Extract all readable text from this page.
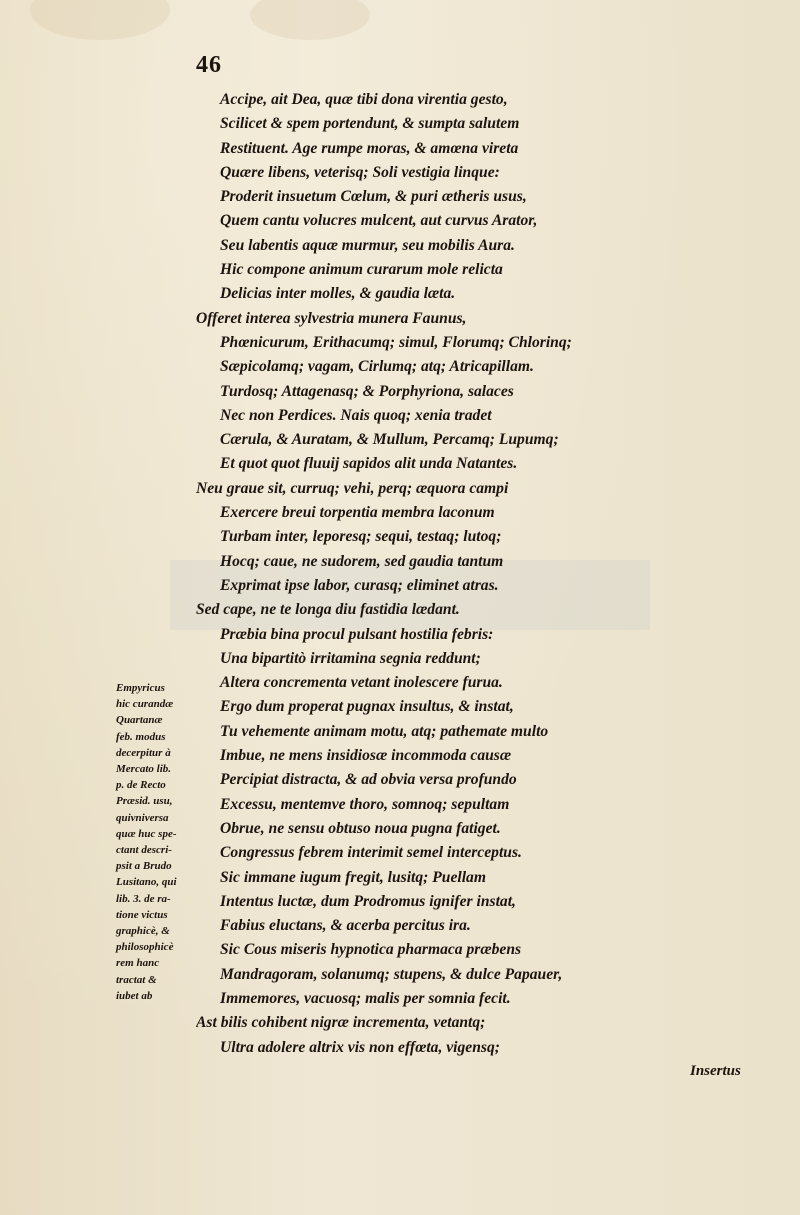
46
Accipe, ait Dea, quæ tibi dona virentia gesto,
Scilicet & spem portendunt, & sumpta salutem
Restituent. Age rumpe moras, & amœna vireta
Quære libens, veterisq; Soli vestigia linque:
Proderit insuetum Cœlum, & puri ætheris usus,
Quem cantu volucres mulcent, aut curvus Arator,
Seu labentis aquæ murmur, seu mobilis Aura.
Hic compone animum curarum mole relicta
Delicias inter molles, & gaudia læta.
Offeret interea sylvestria munera Faunus,
Phœnicurum, Erithacumq; simul, Florumq; Chlorinq;
Sæpicolamq; vagam, Cirlumq; atq; Atricapillam.
Turdosq; Attagenasq; & Porphyriona, salaces
Nec non Perdices. Nais quoq; xenia tradet
Cærula, & Auratam, & Mullum, Percamq; Lupumq;
Et quot quot fluuij sapidos alit unda Natantes.
Neu graue sit, curruq; vehi, perq; æquora campi
Exercere breui torpentia membra laconum
Turbam inter, leporesq; sequi, testaq; lutoq;
Hocq; caue, ne sudorem, sed gaudia tantum
Exprimat ipse labor, curasq; eliminet atras.
Sed cape, ne te longa diu fastidia lædant.
Præbia bina procul pulsant hostilia febris:
Una bipartitò irritamina segnia reddunt;
Altera concrementa vetant inolescere furua.
Ergo dum properat pugnax insultus, & instat,
Tu vehemente animam motu, atq; pathemate multo
Imbue, ne mens insidiosæ incommoda causæ
Percipiat distracta, & ad obvia versa profundo
Excessu, mentemve thoro, somnoq; sepultam
Obrue, ne sensu obtuso noua pugna fatiget.
Congressus febrem interimit semel interceptus.
Sic immane iugum fregit, lusitq; Puellam
Intentus luctæ, dum Prodromus ignifer instat,
Fabius eluctans, & acerba percitus ira.
Sic Cous miseris hypnotica pharmaca præbens
Mandragoram, solanumq; stupens, & dulce Papauer,
Immemores, vacuosq; malis per somnia fecit.
Ast bilis cohibent nigræ incrementa, vetantq;
Ultra adolere altrix vis non effœta, vigensq;
Empyricus
hic curandæ
Quartanæ
feb. modus
decerpitur à
Mercato lib.
p. de Recto
Præsid. usu,
quivniversa
quæ huc spe-
ctant descri-
psit a Brudo
Lusitano, qui
lib. 3. de ra-
tione victus
graphicè, &
philosophicè
rem hanc
tractat &
iubet ab
Insertus
